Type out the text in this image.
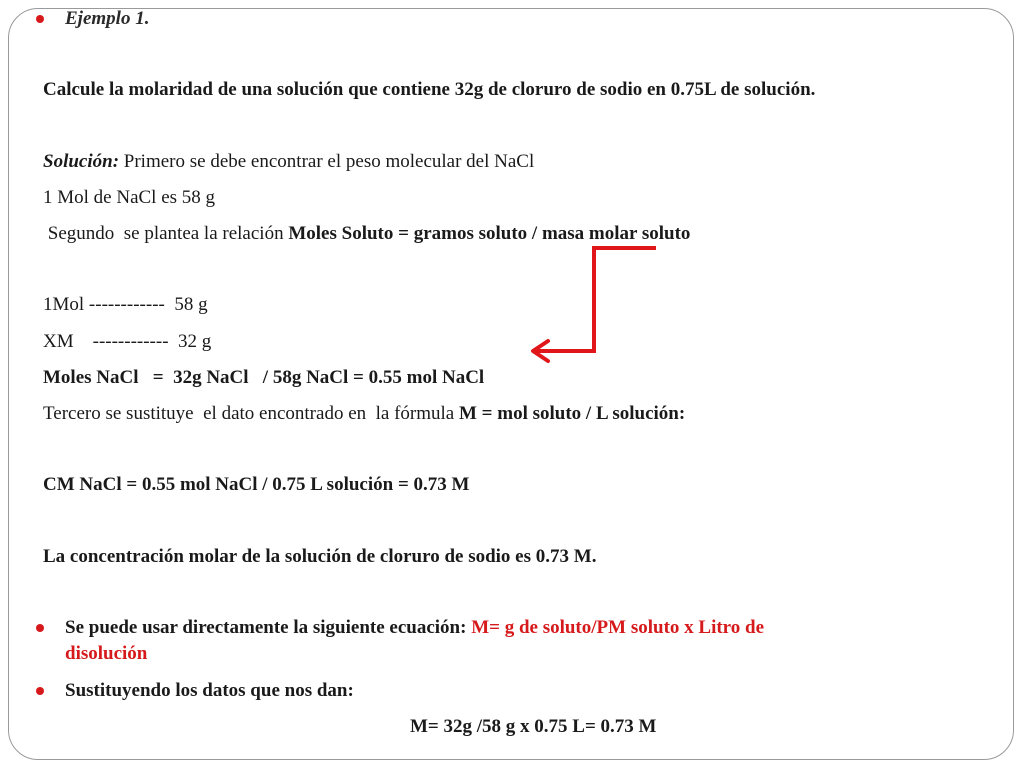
Ejemplo 1.
Calcule la molaridad de una solución que contiene 32g de cloruro de sodio en 0.75L de solución.
Solución: Primero se debe encontrar el peso molecular del NaCl
1 Mol de NaCl es 58 g
Segundo  se plantea la relación Moles Soluto = gramos soluto / masa molar soluto
1Mol ------------  58 g
XM    ------------  32 g
Moles NaCl   =  32g NaCl   / 58g NaCl = 0.55 mol NaCl
Tercero se sustituye  el dato encontrado en  la fórmula M = mol soluto / L solución:
CM NaCl = 0.55 mol NaCl / 0.75 L solución = 0.73 M
La concentración molar de la solución de cloruro de sodio es 0.73 M.
Se puede usar directamente la siguiente ecuación: M= g de soluto/PM soluto x Litro de
disolución
Sustituyendo los datos que nos dan:
M= 32g /58 g x 0.75 L= 0.73 M
